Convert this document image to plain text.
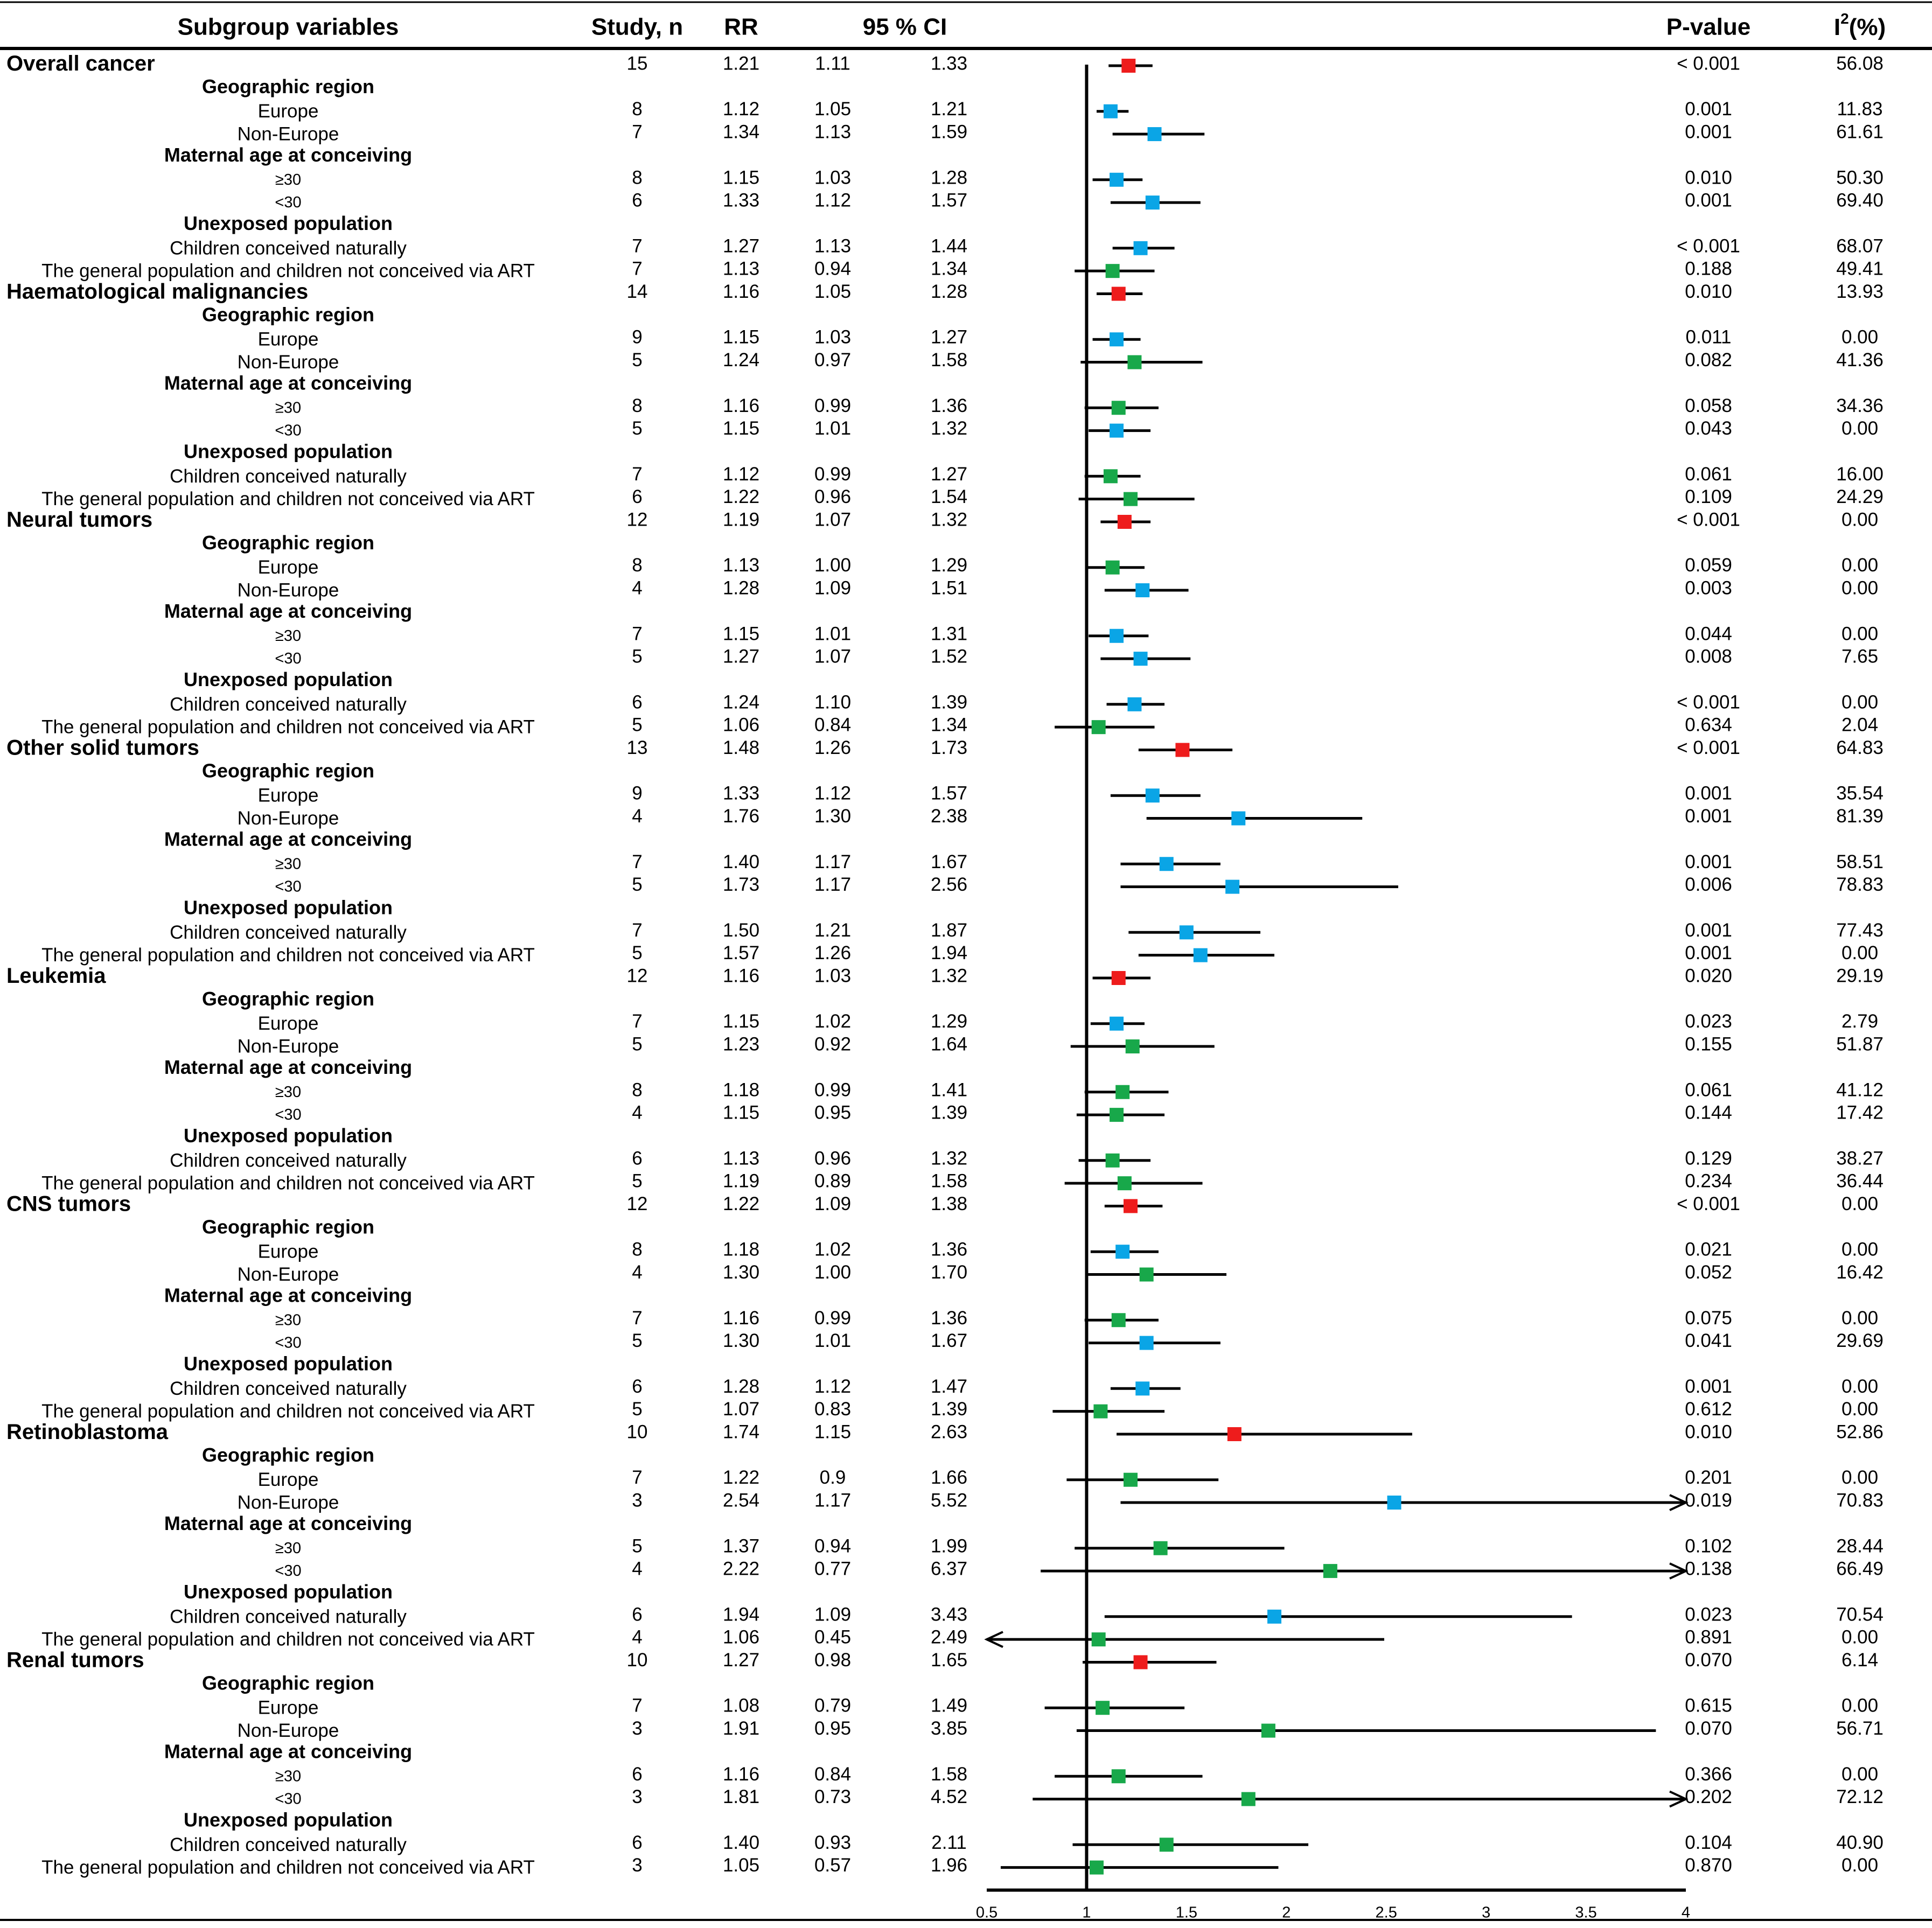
Subgroup variables	Study, n RR	95 % CI	P-value	$I^2(\%)$
Overall cancer	15	1.21	1.11	1.33	< 0.001	56.08
Geographic region
Europe	8	1.12	1.05	1.21	0.001	11.83
Non-Europe	7	1.34	1.13	1.59	0.001	61.61
Maternal age at conceiving
≥30	8	1.15	1.03	1.28	0.010	50.30
<30	6	1.33	1.12	1.57	0.001	69.40
Unexposed population
Children conceived naturally	7	1.27	1.13	1.44	< 0.001	68.07
The general population and children not conceived via ART	7	1.13	0.94	1.34	0.188	49.41
Haematological malignancies	14	1.16	1.05	1.28	0.010	13.93
Geographic region
Europe	9	1.15	1.03	1.27	0.011	0.00
Non-Europe	5	1.24	0.97	1.58	0.082	41.36
Maternal age at conceiving
≥30	8	1.16	0.99	1.36	0.058	34.36
<30	5	1.15	1.01	1.32	0.043	0.00
Unexposed population
Children conceived naturally	7	1.12	0.99	1.27	0.061	16.00
The general population and children not conceived via ART	6	1.22	0.96	1.54	0.109	24.29
Neural tumors	12	1.19	1.07	1.32	< 0.001	0.00
Geographic region
Europe	8	1.13	1.00	1.29	0.059	0.00
Non-Europe	4	1.28	1.09	1.51	0.003	0.00
Maternal age at conceiving
≥30	7	1.15	1.01	1.31	0.044	0.00
<30	5	1.27	1.07	1.52	0.008	7.65
Unexposed population
Children conceived naturally	6	1.24	1.10	1.39	< 0.001	0.00
The general population and children not conceived via ART	5	1.06	0.84	1.34	0.634	2.04
Other solid tumors	13	1.48	1.26	1.73	< 0.001	64.83
Geographic region
Europe	9	1.33	1.12	1.57	0.001	35.54
Non-Europe	4	1.76	1.30	2.38	0.001	81.39
Maternal age at conceiving
≥30	7	1.40	1.17	1.67	0.001	58.51
<30	5	1.73	1.17	2.56	0.006	78.83
Unexposed population
Children conceived naturally	7	1.50	1.21	1.87	0.001	77.43
The general population and children not conceived via ART	5	1.57	1.26	1.94	0.001	0.00
Leukemia	12	1.16	1.03	1.32	0.020	29.19
Geographic region
Europe	7	1.15	1.02	1.29	0.023	2.79
Non-Europe	5	1.23	0.92	1.64	0.155	51.87
Maternal age at conceiving
≥30	8	1.18	0.99	1.41	0.061	41.12
<30	4	1.15	0.95	1.39	0.144	17.42
Unexposed population
Children conceived naturally	6	1.13	0.96	1.32	0.129	38.27
The general population and children not conceived via ART	5	1.19	0.89	1.58	0.234	36.44
CNS tumors	12	1.22	1.09	1.38	< 0.001	0.00
Geographic region
Europe	8	1.18	1.02	1.36	0.021	0.00
Non-Europe	4	1.30	1.00	1.70	0.052	16.42
Maternal age at conceiving
≥30	7	1.16	0.99	1.36	0.075	0.00
<30	5	1.30	1.01	1.67	0.041	29.69
Unexposed population
Children conceived naturally	6	1.28	1.12	1.47	0.001	0.00
The general population and children not conceived via ART	5	1.07	0.83	1.39	0.612	0.00
Retinoblastoma	10	1.74	1.15	2.63	0.010	52.86
Geographic region
Europe	7	1.22	0.9	1.66	0.201	0.00
Non-Europe	3	2.54	1.17	5.52	0.019	70.83
Maternal age at conceiving
≥30	5	1.37	0.94	1.99	0.102	28.44
<30	4	2.22	0.77	6.37	0.138	66.49
Unexposed population
Children conceived naturally	6	1.94	1.09	3.43	0.023	70.54
The general population and children not conceived via ART	4	1.06	0.45	2.49	0.891	0.00
Renal tumors	10	1.27	0.98	1.65	0.070	6.14
Geographic region
Europe	7	1.08	0.79	1.49	0.615	0.00
Non-Europe	3	1.91	0.95	3.85	0.070	56.71
Maternal age at conceiving
≥30	6	1.16	0.84	1.58	0.366	0.00
<30	3	1.81	0.73	4.52	0.202	72.12
Unexposed population
Children conceived naturally	6	1.40	0.93	2.11	0.104	40.90
The general population and children not conceived via ART	3	1.05	0.57	1.96	0.870	0.00
0.5	1	1.5	2	2.5	3	3.5	4
